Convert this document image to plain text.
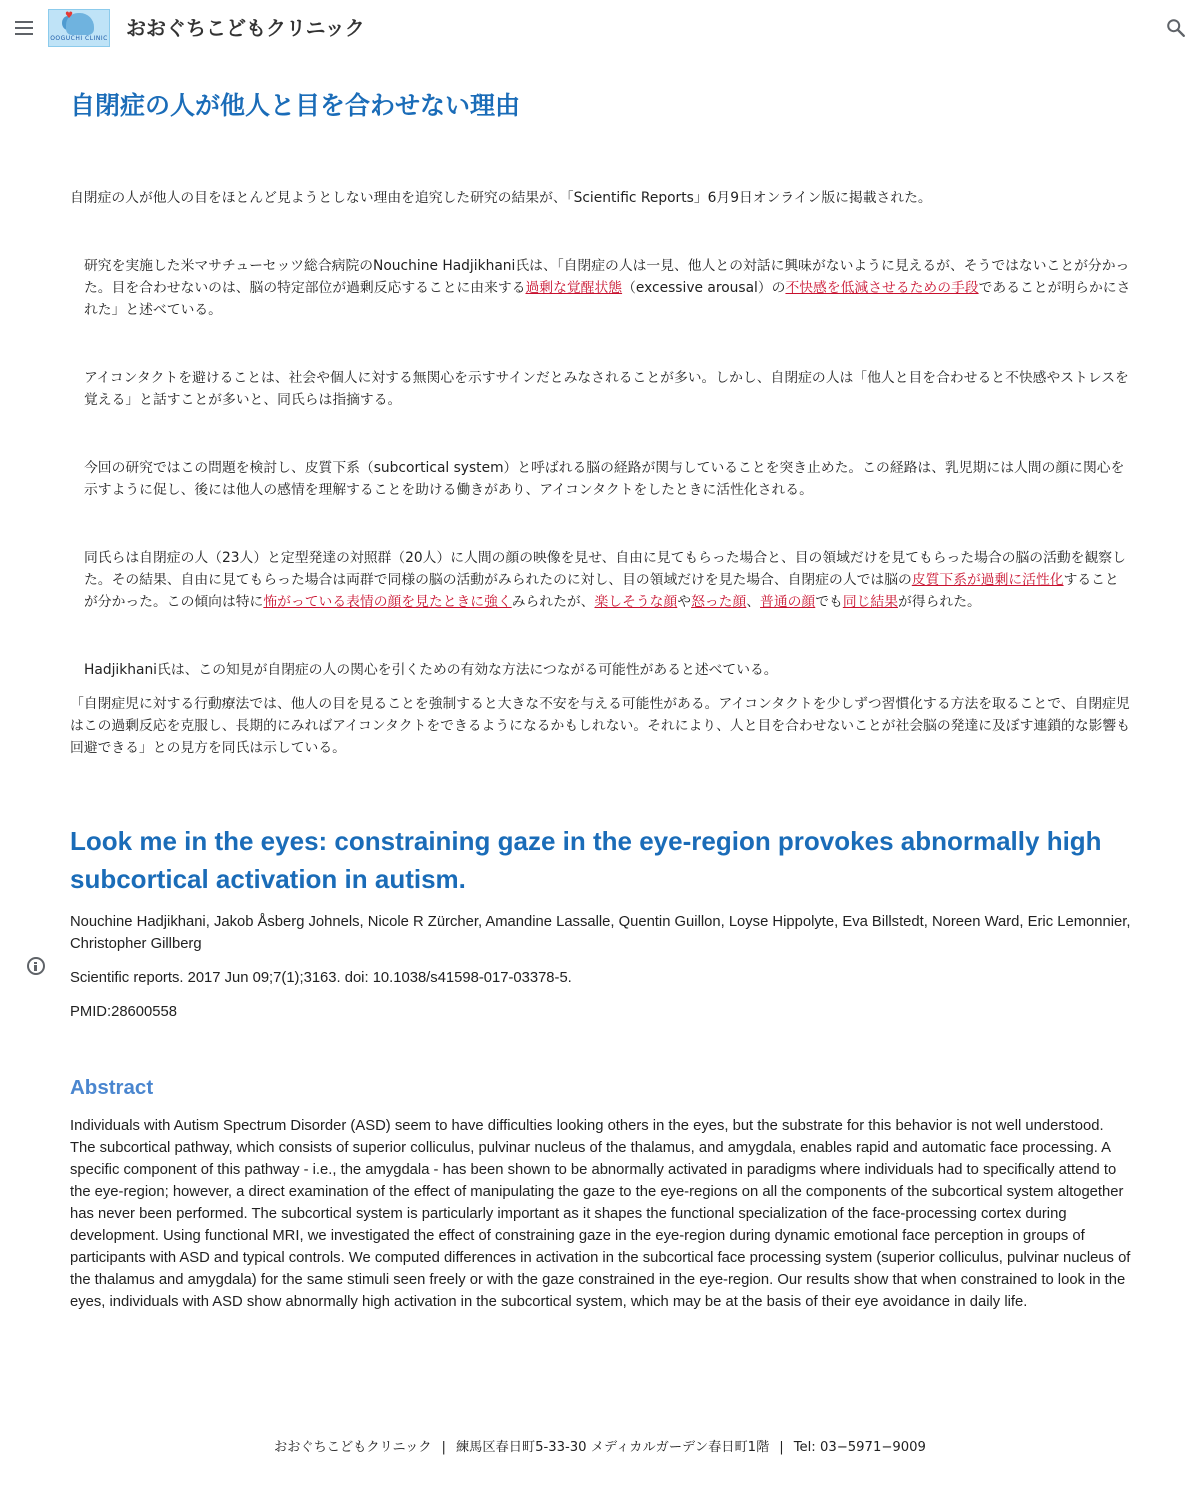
♥
OOGUCHI CLINIC おおぐちこどもクリニック
自閉症の人が他人と目を合わせない理由

自閉症の人が他人の目をほとんど見ようとしない理由を追究した研究の結果が、「Scientific Reports」6月9日オンライン版に掲載された。

研究を実施した米マサチューセッツ総合病院のNouchine Hadjikhani氏は、「自閉症の人は一見、他人との対話に興味がないように見えるが、そうではないことが分かった。目を合わせないのは、脳の特定部位が過剰反応することに由来する過剰な覚醒状態（excessive arousal）の不快感を低減させるための手段であることが明らかにされた」と述べている。

アイコンタクトを避けることは、社会や個人に対する無関心を示すサインだとみなされることが多い。しかし、自閉症の人は「他人と目を合わせると不快感やストレスを覚える」と話すことが多いと、同氏らは指摘する。

今回の研究ではこの問題を検討し、皮質下系（subcortical system）と呼ばれる脳の経路が関与していることを突き止めた。この経路は、乳児期には人間の顔に関心を示すように促し、後には他人の感情を理解することを助ける働きがあり、アイコンタクトをしたときに活性化される。

同氏らは自閉症の人（23人）と定型発達の対照群（20人）に人間の顔の映像を見せ、自由に見てもらった場合と、目の領域だけを見てもらった場合の脳の活動を観察した。その結果、自由に見てもらった場合は両群で同様の脳の活動がみられたのに対し、目の領域だけを見た場合、自閉症の人では脳の皮質下系が過剰に活性化することが分かった。この傾向は特に怖がっている表情の顔を見たときに強くみられたが、楽しそうな顔や怒った顔、普通の顔でも同じ結果が得られた。

Hadjikhani氏は、この知見が自閉症の人の関心を引くための有効な方法につながる可能性があると述べている。

「自閉症児に対する行動療法では、他人の目を見ることを強制すると大きな不安を与える可能性がある。アイコンタクトを少しずつ習慣化する方法を取ることで、自閉症児はこの過剰反応を克服し、長期的にみればアイコンタクトをできるようになるかもしれない。それにより、人と目を合わせないことが社会脳の発達に及ぼす連鎖的な影響も回避できる」との見方を同氏は示している。

Look me in the eyes: constraining gaze in the eye-region provokes abnormally high subcortical activation in autism.

Nouchine Hadjikhani, Jakob Åsberg Johnels, Nicole R Zürcher, Amandine Lassalle, Quentin Guillon, Loyse Hippolyte, Eva Billstedt, Noreen Ward, Eric Lemonnier, Christopher Gillberg

Scientific reports. 2017 Jun 09;7(1);3163. doi: 10.1038/s41598-017-03378-5.

PMID:28600558

Abstract

Individuals with Autism Spectrum Disorder (ASD) seem to have difficulties looking others in the eyes, but the substrate for this behavior is not well understood. The subcortical pathway, which consists of superior colliculus, pulvinar nucleus of the thalamus, and amygdala, enables rapid and automatic face processing. A specific component of this pathway - i.e., the amygdala - has been shown to be abnormally activated in paradigms where individuals had to specifically attend to the eye-region; however, a direct examination of the effect of manipulating the gaze to the eye-regions on all the components of the subcortical system altogether has never been performed. The subcortical system is particularly important as it shapes the functional specialization of the face-processing cortex during development. Using functional MRI, we investigated the effect of constraining gaze in the eye-region during dynamic emotional face perception in groups of participants with ASD and typical controls. We computed differences in activation in the subcortical face processing system (superior colliculus, pulvinar nucleus of the thalamus and amygdala) for the same stimuli seen freely or with the gaze constrained in the eye-region. Our results show that when constrained to look in the eyes, individuals with ASD show abnormally high activation in the subcortical system, which may be at the basis of their eye avoidance in daily life.

おおぐちこどもクリニック | 練馬区春日町5-33-30 メディカルガーデン春日町1階 | Tel: 03−5971−9009
